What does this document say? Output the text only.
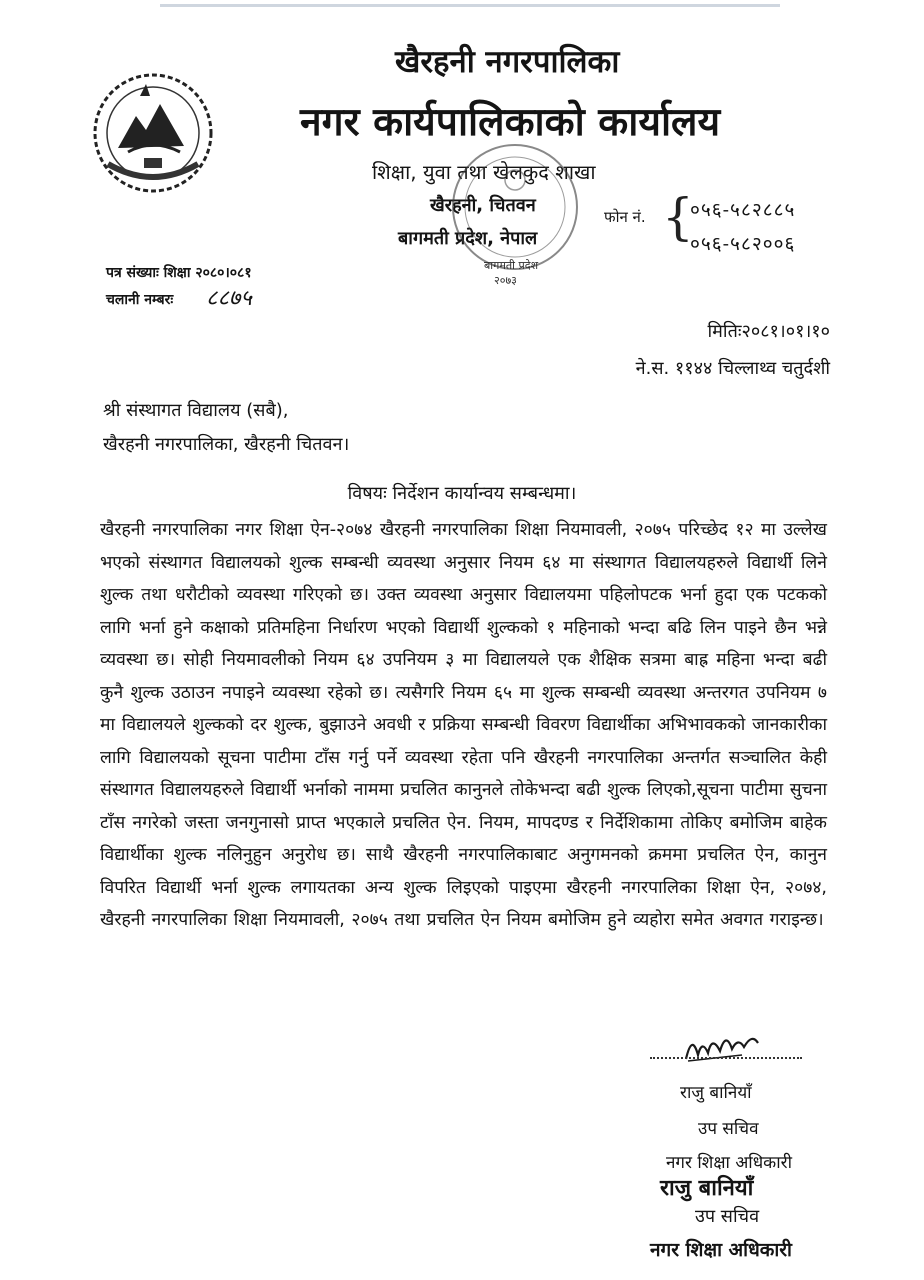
खैरहनी नगरपालिका
नगर कार्यपालिकाको कार्यालय
शिक्षा, युवा तथा खेलकुद शाखा
खैरहनी, चितवन
बागमती प्रदेश, नेपाल
बागमती प्रदेश
२०७३
फोन नं. {
०५६-५८२८८५
०५६-५८२००६
पत्र संख्याः शिक्षा २०८०।०८१
चलानी नम्बरः ८८७५
मितिः२०८१।०१।१०
ने.स. ११४४ चिल्लाथ्व चतुर्दशी
श्री संस्थागत विद्यालय (सबै),
खैरहनी नगरपालिका, खैरहनी चितवन।
विषयः निर्देशन कार्यान्वय सम्बन्धमा।

खैरहनी नगरपालिका नगर शिक्षा ऐन-२०७४ खैरहनी नगरपालिका शिक्षा नियमावली, २०७५ परिच्छेद १२ मा उल्लेख भएको संस्थागत विद्यालयको शुल्क सम्बन्धी व्यवस्था अनुसार नियम ६४ मा संस्थागत विद्यालयहरुले विद्यार्थी लिने शुल्क तथा धरौटीको व्यवस्था गरिएको छ। उक्त व्यवस्था अनुसार विद्यालयमा पहिलोपटक भर्ना हुदा एक पटकको लागि भर्ना हुने कक्षाको प्रतिमहिना निर्धारण भएको विद्यार्थी शुल्कको १ महिनाको भन्दा बढि लिन पाइने छैन भन्ने व्यवस्था छ। सोही नियमावलीको नियम ६४ उपनियम ३ मा विद्यालयले एक शैक्षिक सत्रमा बाह्र महिना भन्दा बढी कुनै शुल्क उठाउन नपाइने व्यवस्था रहेको छ। त्यसैगरि नियम ६५ मा शुल्क सम्बन्धी व्यवस्था अन्तरगत उपनियम ७ मा विद्यालयले शुल्कको दर शुल्क, बुझाउने अवधी र प्रक्रिया सम्बन्धी विवरण विद्यार्थीका अभिभावकको जानकारीका लागि विद्यालयको सूचना पाटीमा टाँस गर्नु पर्ने व्यवस्था रहेता पनि खैरहनी नगरपालिका अन्तर्गत सञ्चालित केही संस्थागत विद्यालयहरुले विद्यार्थी भर्नाको नाममा प्रचलित कानुनले तोकेभन्दा बढी शुल्क लिएको,सूचना पाटीमा सुचना टाँस नगरेको जस्ता जनगुनासो प्राप्त भएकाले प्रचलित ऐन. नियम, मापदण्ड र निर्देशिकामा तोकिए बमोजिम बाहेक विद्यार्थीका शुल्क नलिनुहुन अनुरोध छ। साथै खैरहनी नगरपालिकाबाट अनुगमनको क्रममा प्रचलित ऐन, कानुन विपरित विद्यार्थी भर्ना शुल्क लगायतका अन्य शुल्क लिइएको पाइएमा खैरहनी नगरपालिका शिक्षा ऐन, २०७४, खैरहनी नगरपालिका शिक्षा नियमावली, २०७५ तथा प्रचलित ऐन नियम बमोजिम हुने व्यहोरा समेत अवगत गराइन्छ।

राजु बानियाँ
उप सचिव
नगर शिक्षा अधिकारी
राजु बानियाँ
उप सचिव
नगर शिक्षा अधिकारी
